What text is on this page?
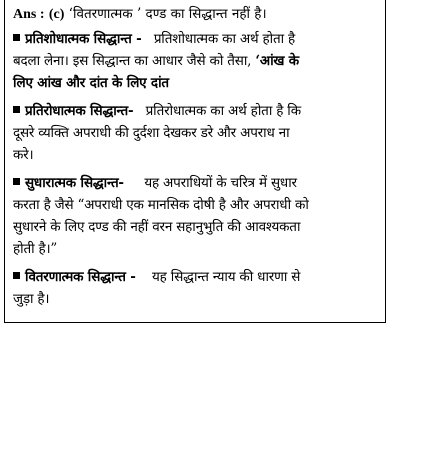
Ans : (c) ‘वितरणात्मक ’ दण्ड का सिद्धान्त नहीं है।
प्रतिशोधात्मक सिद्धान्त - प्रतिशोधात्मक का अर्थ होता है
बदला लेना। इस सिद्धान्त का आधार जैसे को तैसा, ‘आंख के
लिए आंख और दांत के लिए दांत
प्रतिरोधात्मक सिद्धान्त- प्रतिरोधात्मक का अर्थ होता है कि
दूसरे व्यक्ति अपराधी की दुर्दशा देखकर डरे और अपराध ना
करे।
सुधारात्मक सिद्धान्त- यह अपराधियों के चरित्र में सुधार
करता है जैसे “अपराधी एक मानसिक दोषी है और अपराधी को
सुधारने के लिए दण्ड की नहीं वरन सहानुभुति की आवश्यकता
होती है।”
वितरणात्मक सिद्धान्त - यह सिद्धान्त न्याय की धारणा से
जुड़ा है।
